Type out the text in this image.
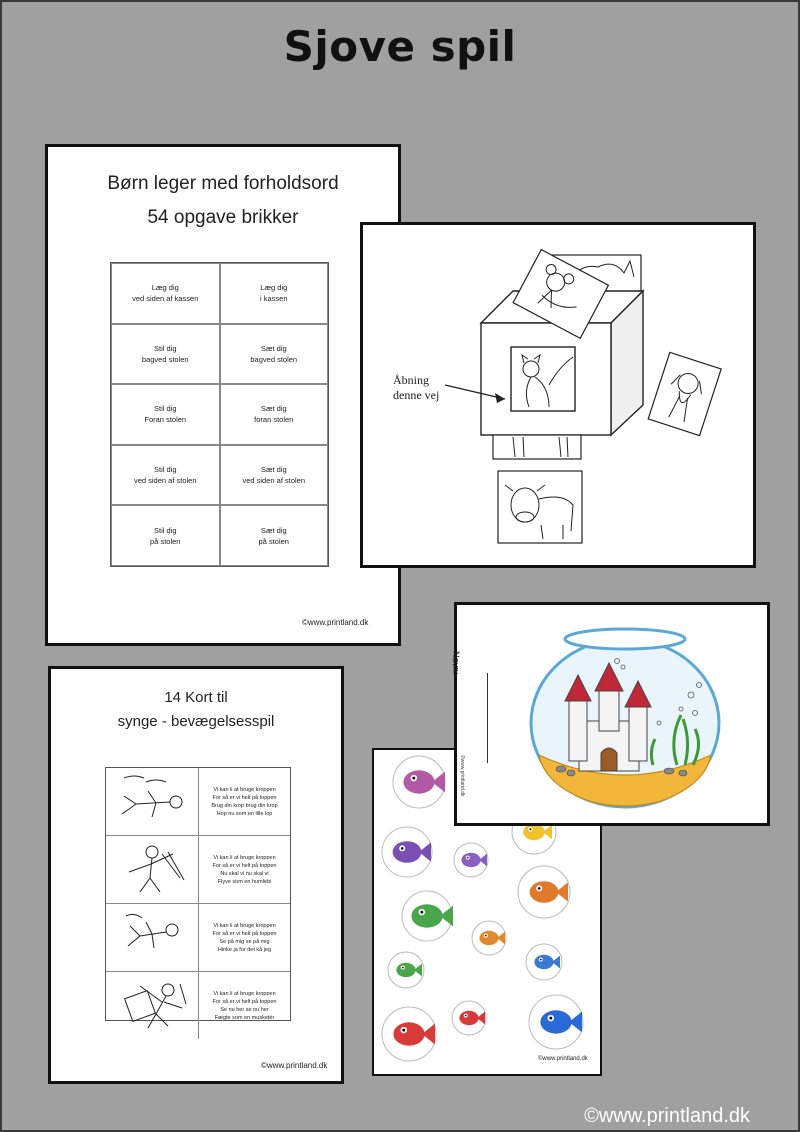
Sjove spil
Børn leger med forholdsord
54 opgave brikker
Læg dig
ved siden af kassen
Læg dig
i kassen
Stil dig
bagved stolen
Sæt dig
bagved stolen
Stil dig
Foran stolen
Sæt dig
foran stolen
Stil dig
ved siden af stolen
Sæt dig
ved siden af stolen
Stil dig
på stolen
Sæt dig
på stolen
©www.printland.dk
Åbning
denne vej
14 Kort til
synge - bevægelsesspil
Vi kan li at bruge kroppen
For så er vi helt på toppen
Brug din krop brug din krop
Hop nu som en lille lop
Vi kan li at bruge kroppen
For så er vi helt på toppen
Nu skal vi nu skal vi
Flyve som en humlebi
Vi kan li at bruge kroppen
For så er vi helt på toppen
Se på mig se på mig
Hinke ja for det kå jeg
Vi kan li at bruge kroppen
For så er vi helt på toppen
Se nu her se nu her
Fægte som en musketér
©www.printland.dk
©www.printland.dk
Navn:
©www.printland.dk
©www.printland.dk
